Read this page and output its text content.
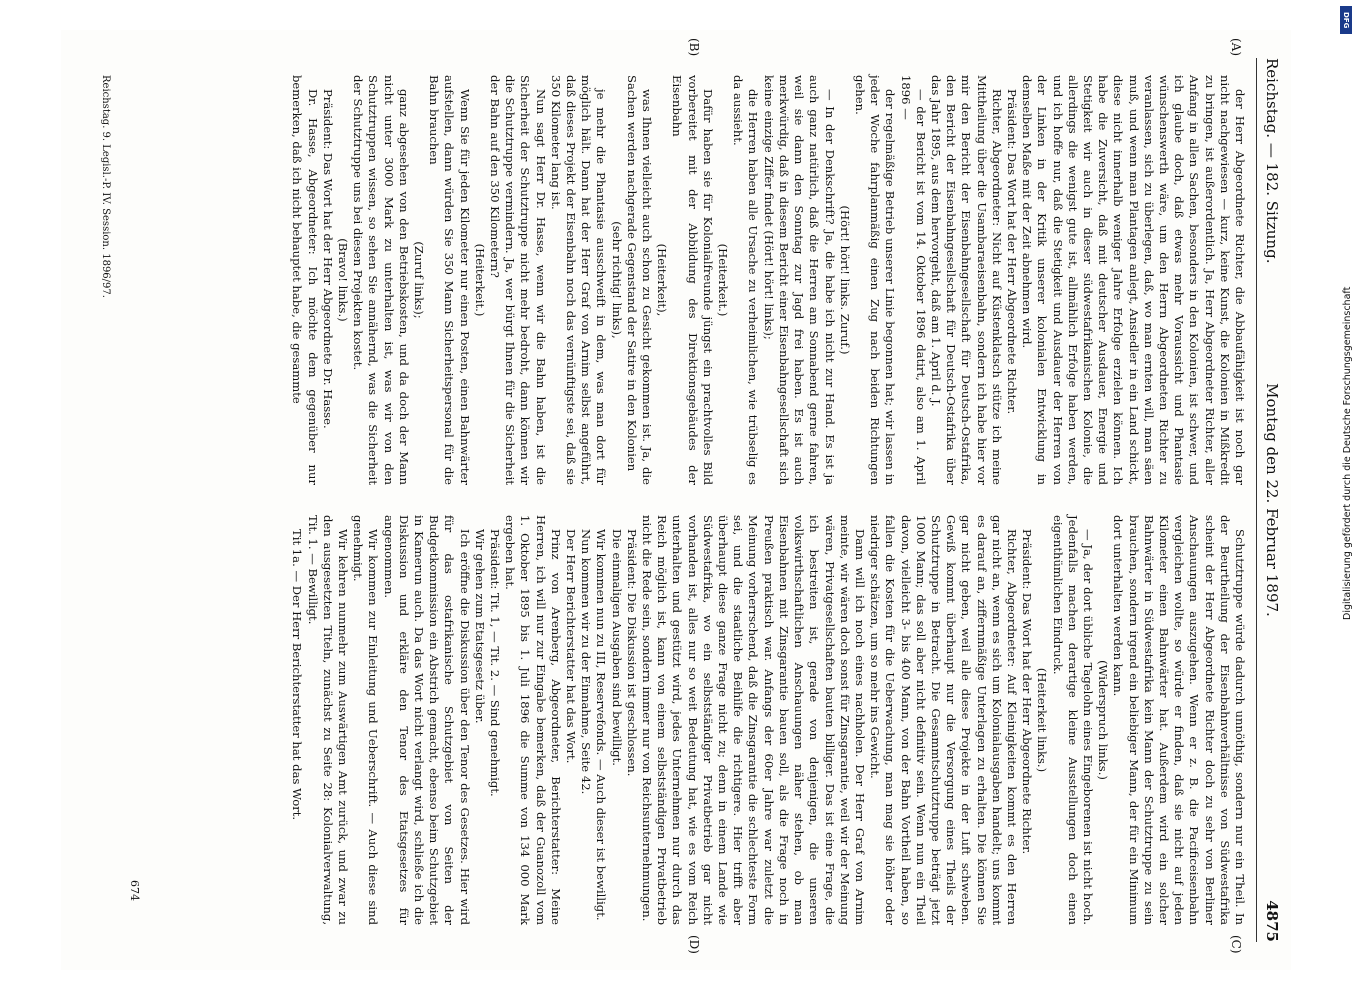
Reichstag. — 182. Sitzung.
Montag den 22. Februar 1897.
4875
(A)
(B)
(C)
(D)

der Herr Abgeordnete Richter, die Abbaufähigkeit ist noch gar nicht nachgewiesen — kurz, keine Kunst, die Kolonien in Mißkredit zu bringen, ist außerordentlich. Ja, Herr Abgeordneter Richter, aller Anfang in allen Sachen, besonders in den Kolonien, ist schwer, und ich glaube doch, daß etwas mehr Voraussicht und Phantasie wünschenswerth wäre, um den Herrn Abgeordneten Richter zu veranlassen, sich zu überlegen, daß, wo man ernten will, man säen muß, und wenn man Plantagen anlegt, Ansiedler in ein Land schickt, diese nicht innerhalb weniger Jahre Erfolge erzielen können. Ich habe die Zuversicht, daß mit deutscher Ausdauer, Energie und Stetigkeit wir auch in dieser südwestafrikanischen Kolonie, die allerdings die wenigst gute ist, allmählich Erfolge haben werden, und ich hoffe nur, daß die Stetigkeit und Ausdauer der Herren von der Linken in der Kritik unserer kolonialen Entwicklung in demselben Maße mit der Zeit abnehmen wird.

Präsident: Das Wort hat der Herr Abgeordnete Richter.

Richter, Abgeordneter: Nicht auf Küstenklatsch stütze ich meine Mittheilung über die Usambaraeisenbahn, sondern ich habe hier vor mir den Bericht der Eisenbahngesellschaft für Deutsch-Ostafrika, den Bericht der Eisenbahngesellschaft für Deutsch-Ostafrika über das Jahr 1895, aus dem hervorgeht, daß am 1. April d. J.

— der Bericht ist vom 14. Oktober 1896 datirt, also am 1. April 1896 —

der regelmäßige Betrieb unserer Linie begonnen hat; wir lassen in jeder Woche fahrplanmäßig einen Zug nach beiden Richtungen gehen.

(Hört! hört! links. Zuruf.)

— In der Denkschrift? Ja, die habe ich nicht zur Hand. Es ist ja auch ganz natürlich, daß die Herren am Sonnabend gerne fahren, weil sie dann den Sonntag zur Jagd frei haben. Es ist auch merkwürdig, daß in diesem Bericht einer Eisenbahngesellschaft sich keine einzige Ziffer findet (Hört! hört! links);

die Herren haben alle Ursache zu verheimlichen, wie trübselig es da aussieht.

(Heiterkeit.)

Dafür haben sie für Kolonialfreunde jüngst ein prachtvolles Bild vorbereitet mit der Abbildung des Direktionsgebäudes der Eisenbahn

(Heiterkeit),

was Ihnen vielleicht auch schon zu Gesicht gekommen ist. Ja, die Sachen werden nachgerade Gegenstand der Satire in den Kolonien

(sehr richtig! links),

je mehr die Phantasie ausschweift in dem, was man dort für möglich hält. Dann hat der Herr Graf von Arnim selbst angeführt, daß dieses Projekt der Eisenbahn noch das vernünftigste sei, daß sie 350 Kilometer lang ist.

Nun sagt Herr Dr. Hasse, wenn wir die Bahn haben, ist die Sicherheit der Schutztruppe nicht mehr bedroht, dann können wir die Schutztruppe vermindern. Ja, wer bürgt Ihnen für die Sicherheit der Bahn auf den 350 Kilometern?

(Heiterkeit.)

Wenn Sie für jeden Kilometer nur einen Posten, einen Bahnwärter aufstellen, dann würden Sie 350 Mann Sicherheitspersonal für die Bahn brauchen

(Zuruf links);

ganz abgesehen von den Betriebskosten, und da doch der Mann nicht unter 3000 Mark zu unterhalten ist, was wir von den Schutztruppen wissen, so sehen Sie annähernd, was die Sicherheit der Schutztruppe uns bei diesen Projekten kostet.

(Bravo! links.)

Präsident: Das Wort hat der Herr Abgeordnete Dr. Hasse.

Dr. Hasse, Abgeordneter: Ich möchte dem gegenüber nur bemerken, daß ich nicht behauptet habe, die gesammte

Schutztruppe würde dadurch unnöthig, sondern nur ein Theil. In der Beurtheilung der Eisenbahnverhältnisse von Südwestafrika scheint der Herr Abgeordnete Richter doch zu sehr von Berliner Anschauungen auszugehen. Wenn er z. B. die Pacificeisenbahn vergleichen wollte, so würde er finden, daß sie nicht auf jeden Kilometer einen Bahnwärter hat. Außerdem wird ein solcher Bahnwärter in Südwestafrika kein Mann der Schutztruppe zu sein brauchen, sondern irgend ein beliebiger Mann, der für ein Minimum dort unterhalten werden kann.

(Widerspruch links.)

— Ja, der dort übliche Tagelohn eines Eingeborenen ist nicht hoch. Jedenfalls machen derartige kleine Ausstellungen doch einen eigenthümlichen Eindruck.

(Heiterkeit links.)

Präsident: Das Wort hat der Herr Abgeordnete Richter.

Richter, Abgeordneter: Auf Kleinigkeiten kommt es den Herren gar nicht an, wenn es sich um Kolonialausgaben handelt; uns kommt es darauf an, ziffernmäßige Unterlagen zu erhalten. Die können Sie gar nicht geben, weil alle diese Projekte in der Luft schweben. Gewiß kommt überhaupt nur die Versorgung eines Theils der Schutztruppe in Betracht. Die Gesammtschutztruppe beträgt jetzt 1000 Mann; das soll aber nicht definitiv sein. Wenn nun ein Theil davon, vielleicht 3- bis 400 Mann, von der Bahn Vortheil haben, so fallen die Kosten für die Ueberwachung, man mag sie höher oder niedriger schätzen, um so mehr ins Gewicht.

Dann will ich noch eines nachholen. Der Herr Graf von Arnim meinte, wir wären doch sonst für Zinsgarantie, weil wir der Meinung wären, Privatgesellschaften bauten billiger. Das ist eine Frage, die ich bestreiten ist, gerade von denjenigen, die unseren volkswirthschaftlichen Anschauungen näher stehen, ob man Eisenbahnen mit Zinsgarantie bauen soll, als die Frage noch in Preußen praktisch war. Anfangs der 60er Jahre war zuletzt die Meinung vorherrschend, daß die Zinsgarantie die schlechteste Form sei, und die staatliche Beihilfe die richtigere. Hier trifft aber überhaupt diese ganze Frage nicht zu; denn in einem Lande wie Südwestafrika, wo ein selbstständiger Privatbetrieb gar nicht vorhanden ist, alles nur so weit Bedeutung hat, wie es vom Reich unterhalten und gestützt wird, jedes Unternehmen nur durch das Reich möglich ist, kann von einem selbstständigen Privatbetrieb nicht die Rede sein, sondern immer nur von Reichsunternehmungen.

Präsident: Die Diskussion ist geschlossen.

Die einmaligen Ausgaben sind bewilligt.

Wir kommen nun zu III, Reservefonds. — Auch dieser ist bewilligt.

Nun kommen wir zu der Einnahme, Seite 42.

Der Herr Berichterstatter hat das Wort.

Prinz von Arenberg, Abgeordneter, Berichterstatter: Meine Herren, ich will nur zur Eingabe bemerken, daß der Guanozoll vom 1. Oktober 1895 bis 1. Juli 1896 die Summe von 134 000 Mark ergeben hat.

Präsident: Tit. 1, — Tit. 2. — Sind genehmigt.

Wir gehen zum Etatsgesetz über.

Ich eröffne die Diskussion über den Tenor des Gesetzes. Hier wird für das ostafrikanische Schutzgebiet von Seiten der Budgetkommission ein Abstrich gemacht, ebenso beim Schutzgebiet in Kamerun auch. Da das Wort nicht verlangt wird, schließe ich die Diskussion und erkläre den Tenor des Etatsgesetzes für angenommen.

Wir kommen zur Einleitung und Ueberschrift. — Auch diese sind genehmigt.

Wir kehren nunmehr zum Auswärtigen Amt zurück, und zwar zu den ausgesetzten Titeln, zunächst zu Seite 28: Kolonialverwaltung, Tit. 1. — Bewilligt.

Tit 1a. — Der Herr Berichterstatter hat das Wort.

Reichstag. 9. Legisl.-P. IV. Session. 1896/97.
674
DFG
Digitalisierung gefördert durch die Deutsche Forschungsgemeinschaft
